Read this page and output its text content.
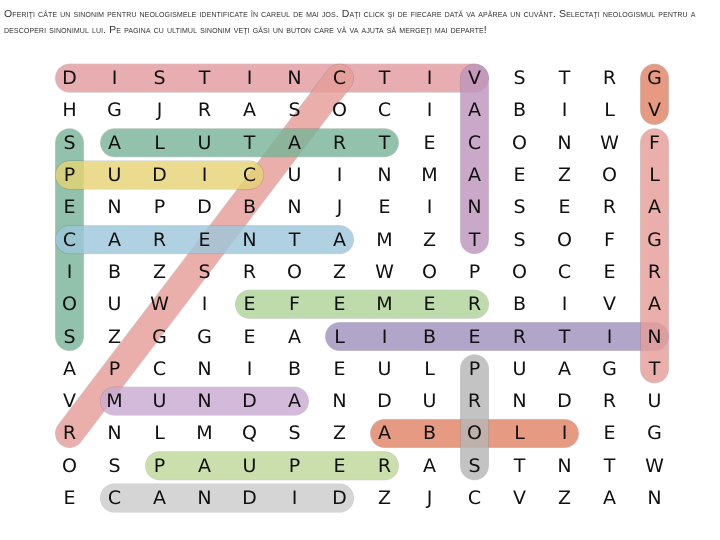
Oferiţi câte un sinonim pentru neologismele identificate în careul de mai jos. Daţi click şi de fiecare dată va apărea un cuvânt. Selectaţi neologismul pentru a descoperi sinonimul lui. Pe pagina cu ultimul sinonim veţi găsi un buton care vă va ajuta să mergeţi mai departe!
D	I	S	T	I	N	C	T	I	V	S	T	R	G
H	G	J	R	A	S	O	C	I	A	B	I	L	V
S	A	L	U	T	A	R	T	E	C	O	N	W	F
P	U	D	I	C	U	I	N	M	A	E	Z	O	L
E	N	P	D	B	N	J	E	I	N	S	E	R	A
C	A	R	E	N	T	A	M	Z	T	S	O	F	G
I	B	Z	S	R	O	Z	W	O	P	O	C	E	R
O	U	W	I	E	F	E	M	E	R	B	I	V	A
S	Z	G	G	E	A	L	I	B	E	R	T	I	N
A	P	C	N	I	B	E	U	L	P	U	A	G	T
V	M	U	N	D	A	N	D	U	R	N	D	R	U
R	N	L	M	Q	S	Z	A	B	O	L	I	E	G
O	S	P	A	U	P	E	R	A	S	T	N	T	W
E	C	A	N	D	I	D	Z	J	C	V	Z	A	N
